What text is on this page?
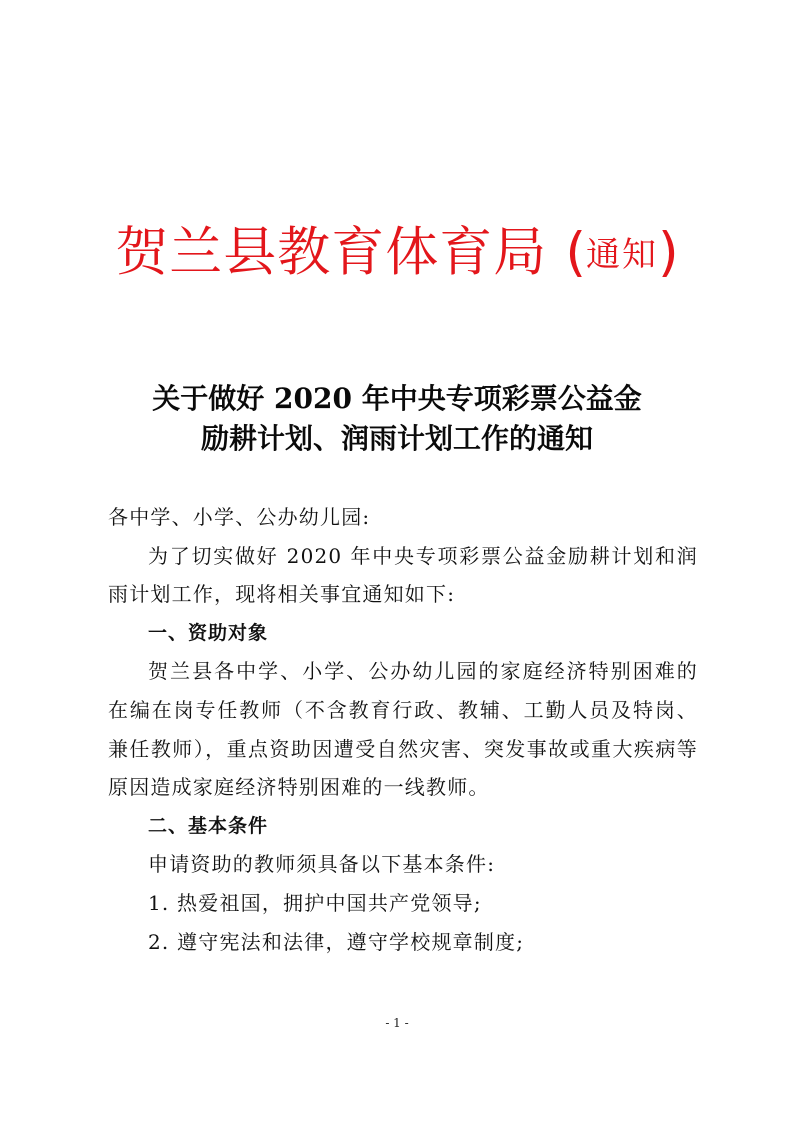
贺兰县教育体育局 (通知)
关于做好 2020 年中央专项彩票公益金
励耕计划、润雨计划工作的通知

各中学、小学、公办幼儿园:

为了切实做好 2020 年中央专项彩票公益金励耕计划和润雨计划工作，现将相关事宜通知如下:

一、资助对象

贺兰县各中学、小学、公办幼儿园的家庭经济特别困难的在编在岗专任教师（不含教育行政、教辅、工勤人员及特岗、兼任教师），重点资助因遭受自然灾害、突发事故或重大疾病等原因造成家庭经济特别困难的一线教师。

二、基本条件

申请资助的教师须具备以下基本条件:

1. 热爱祖国，拥护中国共产党领导;

2. 遵守宪法和法律，遵守学校规章制度;

- 1 -
